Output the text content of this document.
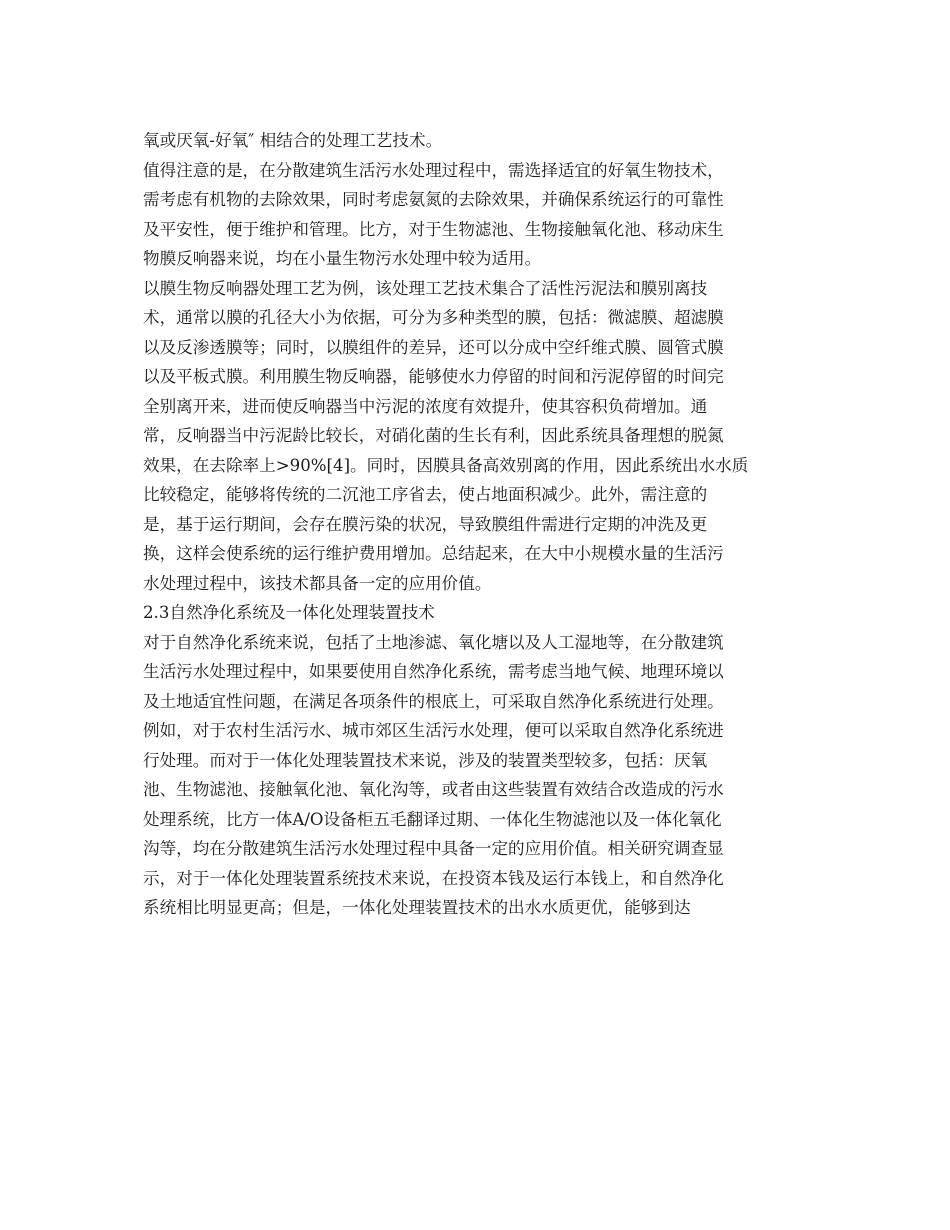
氧或厌氧-好氧″ 相结合的处理工艺技术。
值得注意的是，在分散建筑生活污水处理过程中，需选择适宜的好氧生物技术，
需考虑有机物的去除效果，同时考虑氨氮的去除效果，并确保系统运行的可靠性
及平安性，便于维护和管理。比方，对于生物滤池、生物接触氧化池、移动床生
物膜反响器来说，均在小量生物污水处理中较为适用。
以膜生物反响器处理工艺为例，该处理工艺技术集合了活性污泥法和膜别离技
术，通常以膜的孔径大小为依据，可分为多种类型的膜，包括：微滤膜、超滤膜
以及反渗透膜等；同时，以膜组件的差异，还可以分成中空纤维式膜、圆管式膜
以及平板式膜。利用膜生物反响器，能够使水力停留的时间和污泥停留的时间完
全别离开来，进而使反响器当中污泥的浓度有效提升，使其容积负荷增加。通
常，反响器当中污泥龄比较长，对硝化菌的生长有利，因此系统具备理想的脱氮
效果，在去除率上>90%[4]。同时，因膜具备高效别离的作用，因此系统出水水质
比较稳定，能够将传统的二沉池工序省去，使占地面积减少。此外，需注意的
是，基于运行期间，会存在膜污染的状况，导致膜组件需进行定期的冲洗及更
换，这样会使系统的运行维护费用增加。总结起来，在大中小规模水量的生活污
水处理过程中，该技术都具备一定的应用价值。
2.3自然净化系统及一体化处理装置技术
对于自然净化系统来说，包括了土地渗滤、氧化塘以及人工湿地等，在分散建筑
生活污水处理过程中，如果要使用自然净化系统，需考虑当地气候、地理环境以
及土地适宜性问题，在满足各项条件的根底上，可采取自然净化系统进行处理。
例如，对于农村生活污水、城市郊区生活污水处理，便可以采取自然净化系统进
行处理。而对于一体化处理装置技术来说，涉及的装置类型较多，包括：厌氧
池、生物滤池、接触氧化池、氧化沟等，或者由这些装置有效结合改造成的污水
处理系统，比方一体A/O设备柜五毛翻译过期、一体化生物滤池以及一体化氧化
沟等，均在分散建筑生活污水处理过程中具备一定的应用价值。相关研究调查显
示，对于一体化处理装置系统技术来说，在投资本钱及运行本钱上，和自然净化
系统相比明显更高；但是，一体化处理装置技术的出水水质更优，能够到达
